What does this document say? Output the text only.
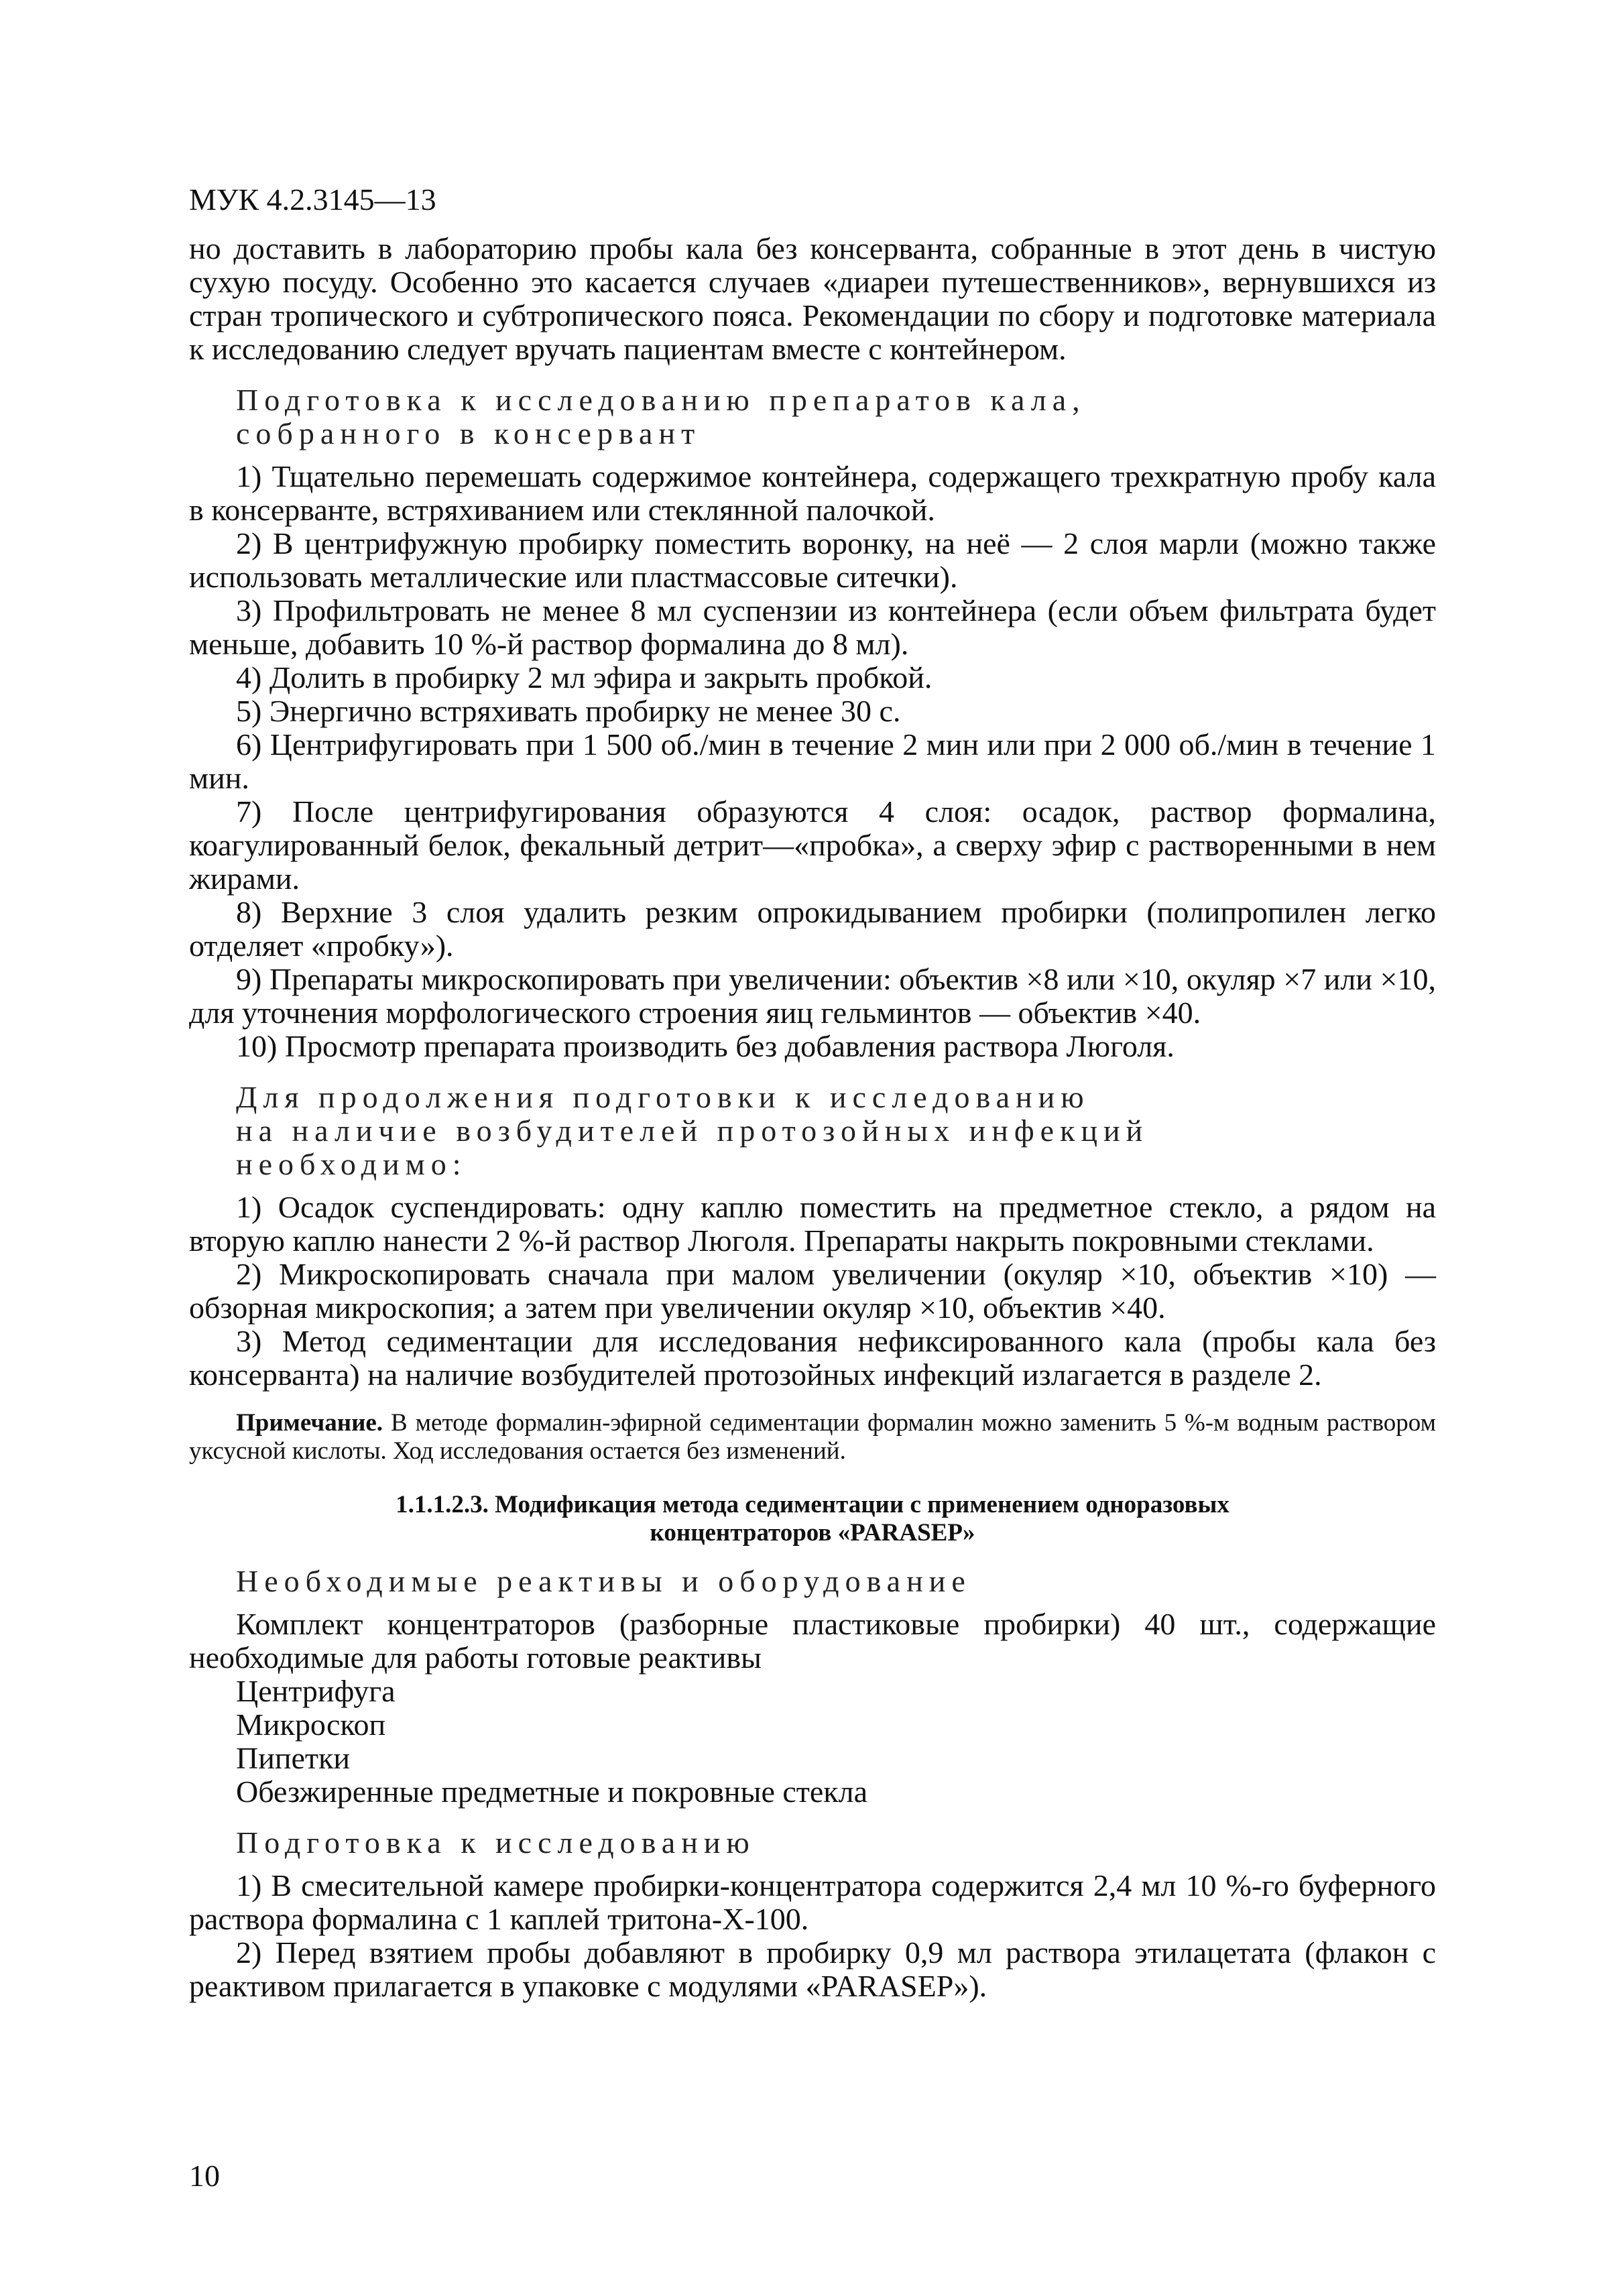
МУК 4.2.3145—13

но доставить в лабораторию пробы кала без консерванта, собранные в этот день в чистую сухую посуду. Особенно это касается случаев «диареи путешественников», вернувшихся из стран тропического и субтропического пояса. Рекомендации по сбору и подготовке материала к исследованию следует вручать пациентам вместе с контейнером.

Подготовка к исследованию препаратов кала,
собранного в консервант

1) Тщательно перемешать содержимое контейнера, содержащего трехкратную пробу кала в консерванте, встряхиванием или стеклянной палочкой.

2) В центрифужную пробирку поместить воронку, на неё — 2 слоя марли (можно также использовать металлические или пластмассовые ситечки).

3) Профильтровать не менее 8 мл суспензии из контейнера (если объем фильтрата будет меньше, добавить 10 %-й раствор формалина до 8 мл).

4) Долить в пробирку 2 мл эфира и закрыть пробкой.

5) Энергично встряхивать пробирку не менее 30 с.

6) Центрифугировать при 1 500 об./мин в течение 2 мин или при 2 000 об./мин в течение 1 мин.

7) После центрифугирования образуются 4 слоя: осадок, раствор формалина, коагулированный белок, фекальный детрит—«пробка», а сверху эфир с растворенными в нем жирами.

8) Верхние 3 слоя удалить резким опрокидыванием пробирки (полипропилен легко отделяет «пробку»).

9) Препараты микроскопировать при увеличении: объектив ×8 или ×10, окуляр ×7 или ×10, для уточнения морфологического строения яиц гельминтов — объектив ×40.

10) Просмотр препарата производить без добавления раствора Люголя.

Для продолжения подготовки к исследованию
на наличие возбудителей протозойных инфекций
необходимо:

1) Осадок суспендировать: одну каплю поместить на предметное стекло, а рядом на вторую каплю нанести 2 %-й раствор Люголя. Препараты накрыть покровными стеклами.

2) Микроскопировать сначала при малом увеличении (окуляр ×10, объектив ×10) — обзорная микроскопия; а затем при увеличении окуляр ×10, объектив ×40.

3) Метод седиментации для исследования нефиксированного кала (пробы кала без консерванта) на наличие возбудителей протозойных инфекций излагается в разделе 2.

Примечание. В методе формалин-эфирной седиментации формалин можно заменить 5 %-м водным раствором уксусной кислоты. Ход исследования остается без изменений.

1.1.1.2.3. Модификация метода седиментации с применением одноразовых
концентраторов «PARASEP»
Необходимые реактивы и оборудование

Комплект концентраторов (разборные пластиковые пробирки) 40 шт., содержащие необходимые для работы готовые реактивы

Центрифуга

Микроскоп

Пипетки

Обезжиренные предметные и покровные стекла

Подготовка к исследованию

1) В смесительной камере пробирки-концентратора содержится 2,4 мл 10 %-го буферного раствора формалина с 1 каплей тритона-Х-100.

2) Перед взятием пробы добавляют в пробирку 0,9 мл раствора этилацетата (флакон с реактивом прилагается в упаковке с модулями «PARASEP»).

10
